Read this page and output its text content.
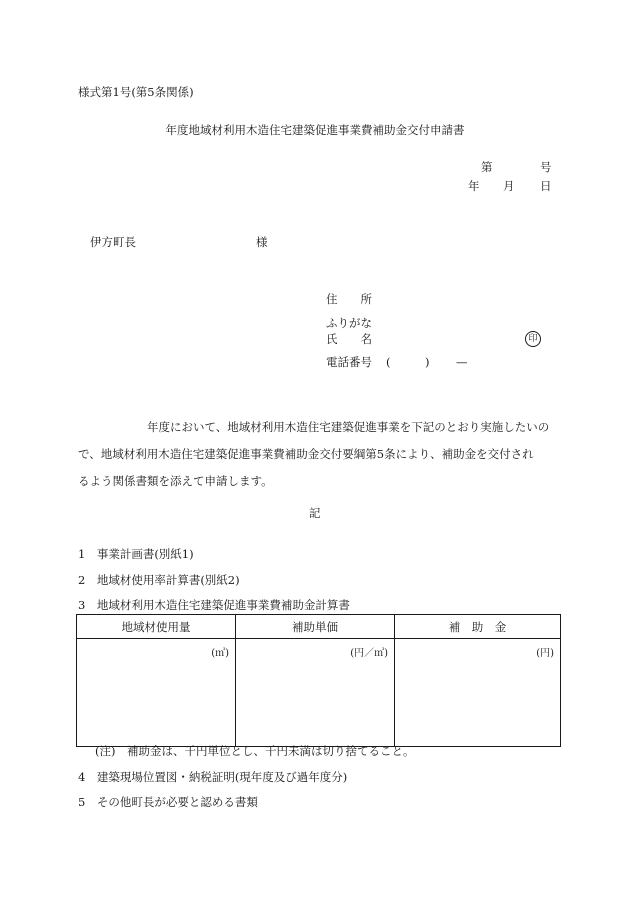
様式第1号(第5条関係)
年度地域材利用木造住宅建築促進事業費補助金交付申請書
第	号
年 月 日
伊方町長	様
住　　所
ふりがな
氏　　名	印
電話番号 (	) —
　　　　　　年度において、地域材利用木造住宅建築促進事業を下記のとおり実施したいの
で、地域材利用木造住宅建築促進事業費補助金交付要綱第5条により、補助金を交付され
るよう関係書類を添えて申請します。
記
1　事業計画書(別紙1)
2　地域材使用率計算書(別紙2)
3　地域材利用木造住宅建築促進事業費補助金計算書
地域材使用量	補助単価	補　助　金
(㎥)	(円／㎥)	(円)
(注)　補助金は、千円単位とし、千円未満は切り捨てること。
4　建築現場位置図・納税証明(現年度及び過年度分)
5　その他町長が必要と認める書類
